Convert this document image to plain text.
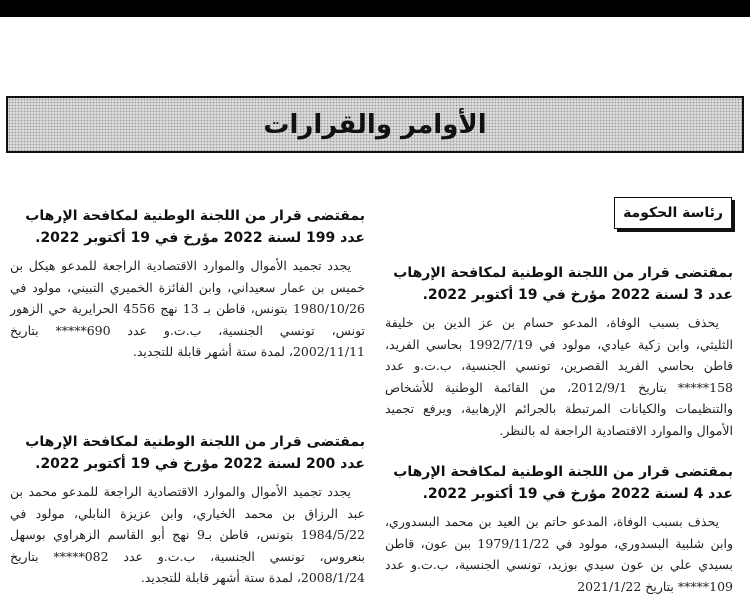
الأوامر والقرارات
رئاسة الحكومة

بمقتضى قرار من اللجنة الوطنية لمكافحة الإرهاب عدد 3 لسنة 2022 مؤرخ في 19 أكتوبر 2022.

يحذف بسبب الوفاة، المدعو حسام بن عز الدين بن خليفة الثليثي، وابن زكية عيادي، مولود في 1992/7/19 بحاسي الفريد، قاطن بحاسي الفريد القصرين، تونسي الجنسية، ب.ت.و عدد 158***** بتاريخ 2012/9/1، من القائمة الوطنية للأشخاص والتنظيمات والكيانات المرتبطة بالجرائم الإرهابية، ويرفع تجميد الأموال والموارد الاقتصادية الراجعة له بالنظر.

بمقتضى قرار من اللجنة الوطنية لمكافحة الإرهاب عدد 4 لسنة 2022 مؤرخ في 19 أكتوبر 2022.

يحذف بسبب الوفاة، المدعو حاتم بن العيد بن محمد البسدوري، وابن شلبية البسدوري، مولود في 1979/11/22 ببن عون، قاطن بسيدي علي بن عون سيدي بوزيد، تونسي الجنسية، ب.ت.و عدد 109***** بتاريخ 2021/1/22

بمقتضى قرار من اللجنة الوطنية لمكافحة الإرهاب عدد 199 لسنة 2022 مؤرخ في 19 أكتوبر 2022.

يجدد تجميد الأموال والموارد الاقتصادية الراجعة للمدعو هيكل بن خميس بن عمار سعيداني، وابن الفائزة الخميري التبيني، مولود في 1980/10/26 بتونس، قاطن بـ 13 نهج 4556 الحرايرية حي الزهور تونس، تونسي الجنسية، ب.ت.و عدد 690***** بتاريخ 2002/11/11، لمدة ستة أشهر قابلة للتجديد.

بمقتضى قرار من اللجنة الوطنية لمكافحة الإرهاب عدد 200 لسنة 2022 مؤرخ في 19 أكتوبر 2022.

يجدد تجميد الأموال والموارد الاقتصادية الراجعة للمدعو محمد بن عبد الرزاق بن محمد الخياري، وابن عزيزة النابلي، مولود في 1984/5/22 بتونس، قاطن بـ9 نهج أبو القاسم الزهراوي بوسهل بنعروس، تونسي الجنسية، ب.ت.و عدد 082***** بتاريخ 2008/1/24، لمدة ستة أشهر قابلة للتجديد.
